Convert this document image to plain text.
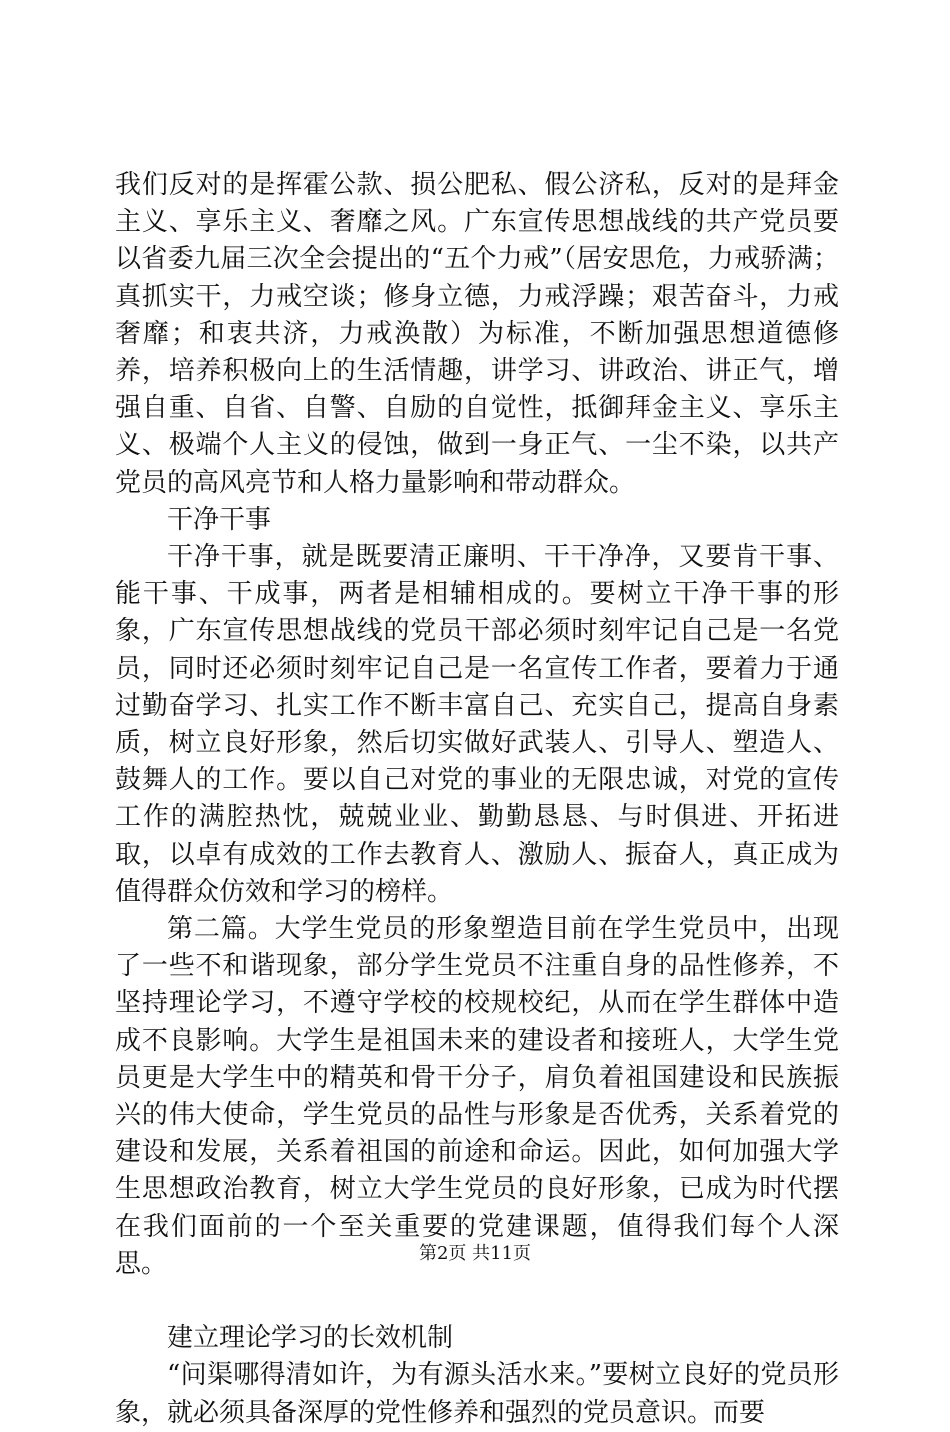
我们反对的是挥霍公款、损公肥私、假公济私，反对的是拜金主义、享乐主义、奢靡之风。广东宣传思想战线的共产党员要以省委九届三次全会提出的“五个力戒”（居安思危，力戒骄满；真抓实干，力戒空谈；修身立德，力戒浮躁；艰苦奋斗，力戒奢靡；和衷共济，力戒涣散）为标准，不断加强思想道德修养，培养积极向上的生活情趣，讲学习、讲政治、讲正气，增强自重、自省、自警、自励的自觉性，抵御拜金主义、享乐主义、极端个人主义的侵蚀，做到一身正气、一尘不染，以共产党员的高风亮节和人格力量影响和带动群众。

干净干事

干净干事，就是既要清正廉明、干干净净，又要肯干事、能干事、干成事，两者是相辅相成的。要树立干净干事的形象，广东宣传思想战线的党员干部必须时刻牢记自己是一名党员，同时还必须时刻牢记自己是一名宣传工作者，要着力于通过勤奋学习、扎实工作不断丰富自己、充实自己，提高自身素质，树立良好形象，然后切实做好武装人、引导人、塑造人、鼓舞人的工作。要以自己对党的事业的无限忠诚，对党的宣传工作的满腔热忱，兢兢业业、勤勤恳恳、与时俱进、开拓进取，以卓有成效的工作去教育人、激励人、振奋人，真正成为值得群众仿效和学习的榜样。

第二篇。大学生党员的形象塑造目前在学生党员中，出现了一些不和谐现象，部分学生党员不注重自身的品性修养，不坚持理论学习，不遵守学校的校规校纪，从而在学生群体中造成不良影响。大学生是祖国未来的建设者和接班人，大学生党员更是大学生中的精英和骨干分子，肩负着祖国建设和民族振兴的伟大使命，学生党员的品性与形象是否优秀，关系着党的建设和发展，关系着祖国的前途和命运。因此，如何加强大学生思想政治教育，树立大学生党员的良好形象，已成为时代摆在我们面前的一个至关重要的党建课题，值得我们每个人深思。

建立理论学习的长效机制

“问渠哪得清如许，为有源头活水来。”要树立良好的党员形象，就必须具备深厚的党性修养和强烈的党员意识。而要

第2页 共11页
